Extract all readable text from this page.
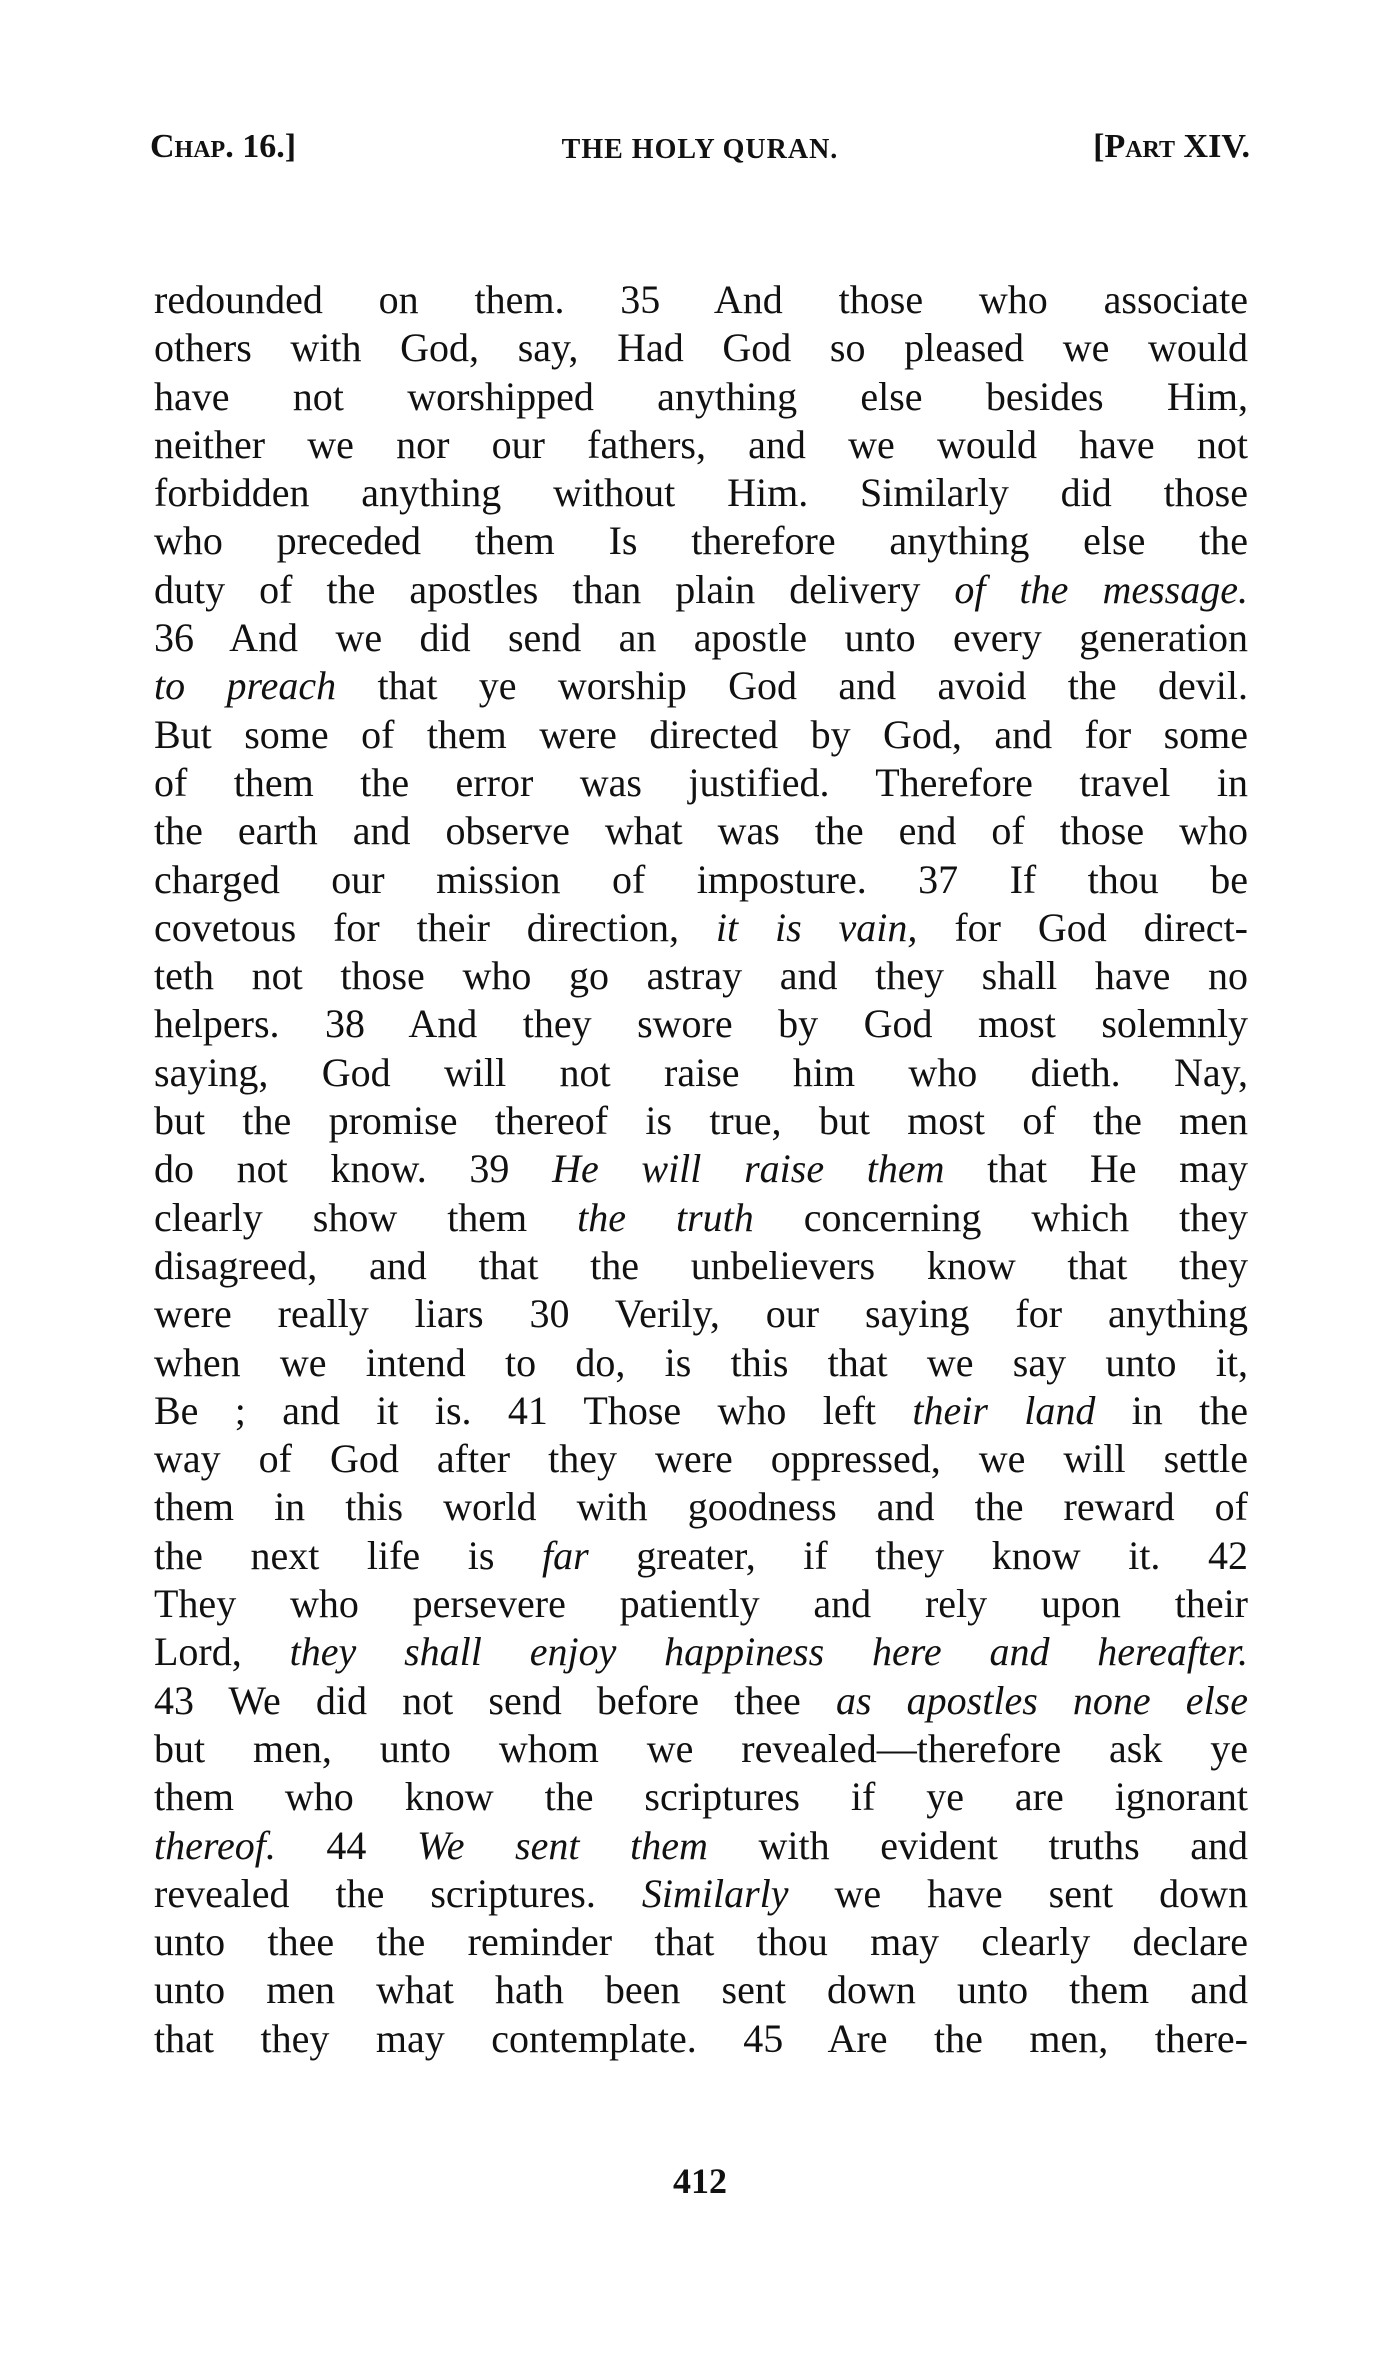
Chap. 16.]	THE HOLY QURAN.	[Part XIV.
redounded on them. 35 And those who associate
others with God, say, Had God so pleased we would
have not worshipped anything else besides Him,
neither we nor our fathers, and we would have not
forbidden anything without Him. Similarly did those
who preceded them Is therefore anything else the
duty of the apostles than plain delivery of the message.
36 And we did send an apostle unto every generation
to preach that ye worship God and avoid the devil.
But some of them were directed by God, and for some
of them the error was justified. Therefore travel in
the earth and observe what was the end of those who
charged our mission of imposture. 37 If thou be
covetous for their direction, it is vain, for God direct-
teth not those who go astray and they shall have no
helpers. 38 And they swore by God most solemnly
saying, God will not raise him who dieth. Nay,
but the promise thereof is true, but most of the men
do not know. 39 He will raise them that He may
clearly show them the truth concerning which they
disagreed, and that the unbelievers know that they
were really liars 30 Verily, our saying for anything
when we intend to do, is this that we say unto it,
Be ; and it is. 41 Those who left their land in the
way of God after they were oppressed, we will settle
them in this world with goodness and the reward of
the next life is far greater, if they know it. 42
They who persevere patiently and rely upon their
Lord, they shall enjoy happiness here and hereafter.
43 We did not send before thee as apostles none else
but men, unto whom we revealed—therefore ask ye
them who know the scriptures if ye are ignorant
thereof. 44 We sent them with evident truths and
revealed the scriptures. Similarly we have sent down
unto thee the reminder that thou may clearly declare
unto men what hath been sent down unto them and
that they may contemplate. 45 Are the men, there-
412
